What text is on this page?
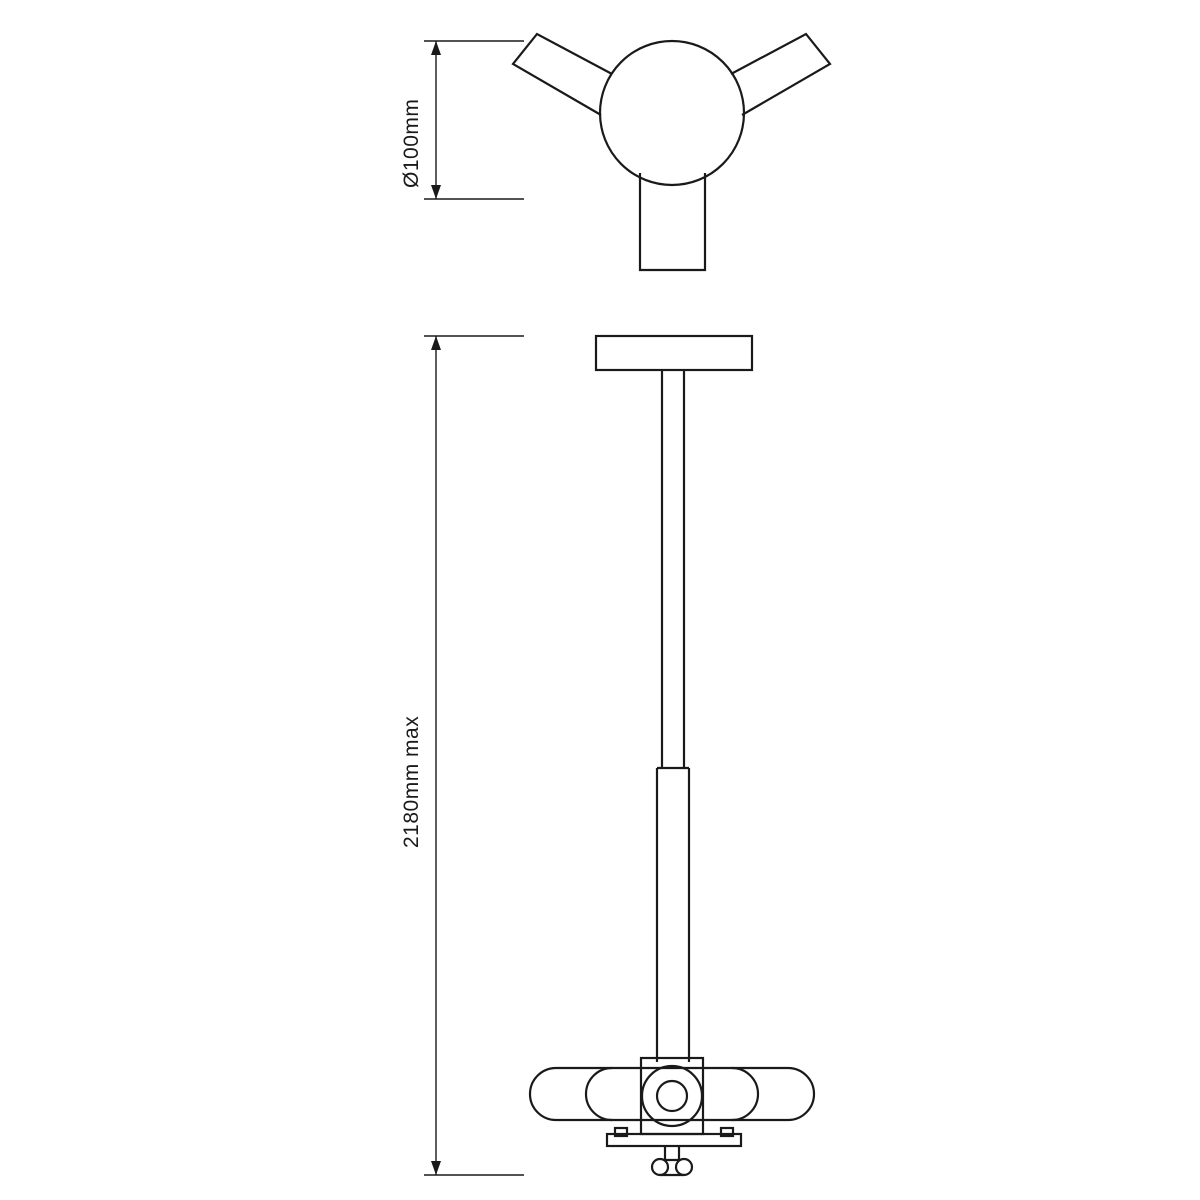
Ø100mm
2180mm max
